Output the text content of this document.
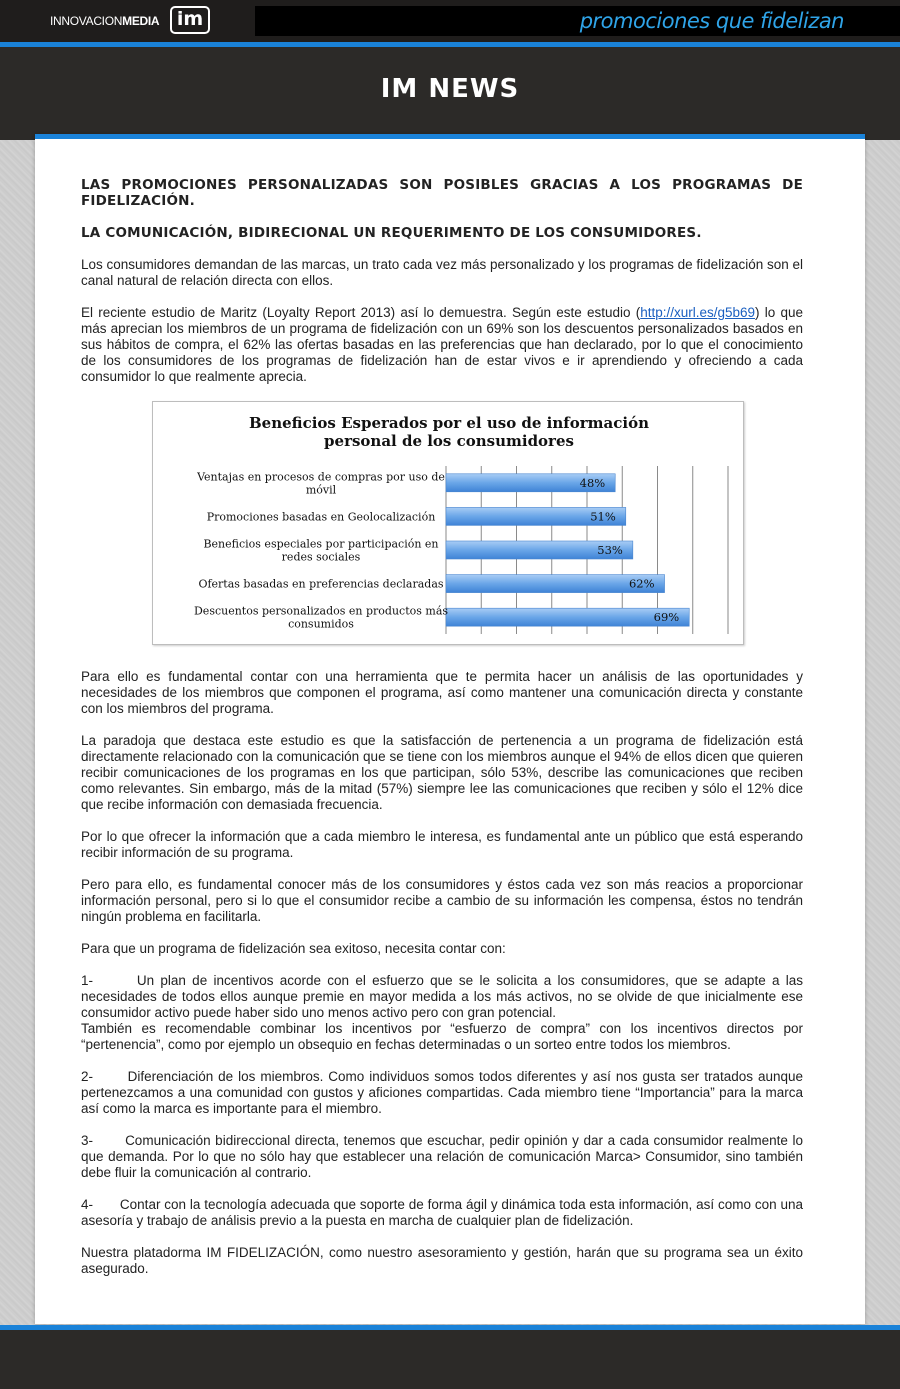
INNOVACIONMEDIA im	promociones que fidelizan
IM NEWS

LAS PROMOCIONES PERSONALIZADAS SON POSIBLES GRACIAS A LOS PROGRAMAS DE FIDELIZACIÓN.

LA COMUNICACIÓN, BIDIRECIONAL UN REQUERIMENTO DE LOS CONSUMIDORES.

Los consumidores demandan de las marcas, un trato cada vez más personalizado y los programas de fidelización son el canal natural de relación directa con ellos.

El reciente estudio de Maritz (Loyalty Report 2013) así lo demuestra. Según este estudio (http://xurl.es/g5b69) lo que más aprecian los miembros de un programa de fidelización con un 69% son los descuentos personalizados basados en sus hábitos de compra, el 62% las ofertas basadas en las preferencias que han declarado, por lo que el conocimiento de los consumidores de los programas de fidelización han de estar vivos e ir aprendiendo y ofreciendo a cada consumidor lo que realmente aprecia.

Beneficios Esperados por el uso de información
personal de los consumidores
48%
Ventajas en procesos de compras por uso de
móvil
51%
Promociones basadas en Geolocalización
53%
Beneficios especiales por participación en
redes sociales
62%
Ofertas basadas en preferencias declaradas
69%
Descuentos personalizados en productos más
consumidos

Para ello es fundamental contar con una herramienta que te permita hacer un análisis de las oportunidades y necesidades de los miembros que componen el programa, así como mantener una comunicación directa y constante con los miembros del programa.

La paradoja que destaca este estudio es que la satisfacción de pertenencia a un programa de fidelización está directamente relacionado con la comunicación que se tiene con los miembros aunque el 94% de ellos dicen que quieren recibir comunicaciones de los programas en los que participan, sólo 53%, describe las comunicaciones que reciben como relevantes. Sin embargo, más de la mitad (57%) siempre lee las comunicaciones que reciben y sólo el 12% dice que recibe información con demasiada frecuencia.

Por lo que ofrecer la información que a cada miembro le interesa, es fundamental ante un público que está esperando recibir información de su programa.

Pero para ello, es fundamental conocer más de los consumidores y éstos cada vez son más reacios a proporcionar información personal, pero si lo que el consumidor recibe a cambio de su información les compensa, éstos no tendrán ningún problema en facilitarla.

Para que un programa de fidelización sea exitoso, necesita contar con:

1-	Un plan de incentivos acorde con el esfuerzo que se le solicita a los consumidores, que se adapte a las necesidades de todos ellos aunque premie en mayor medida a los más activos, no se olvide de que inicialmente ese consumidor activo puede haber sido uno menos activo pero con gran potencial.
También es recomendable combinar los incentivos por “esfuerzo de compra” con los incentivos directos por “pertenencia”, como por ejemplo un obsequio en fechas determinadas o un sorteo entre todos los miembros.

2-	Diferenciación de los miembros. Como individuos somos todos diferentes y así nos gusta ser tratados aunque pertenezcamos a una comunidad con gustos y aficiones compartidas. Cada miembro tiene “Importancia” para la marca así como la marca es importante para el miembro.

3- Comunicación bidireccional directa, tenemos que escuchar, pedir opinión y dar a cada consumidor realmente lo que demanda. Por lo que no sólo hay que establecer una relación de comunicación Marca> Consumidor, sino también debe fluir la comunicación al contrario.

4- Contar con la tecnología adecuada que soporte de forma ágil y dinámica toda esta información, así como con una asesoría y trabajo de análisis previo a la puesta en marcha de cualquier plan de fidelización.

Nuestra platadorma IM FIDELIZACIÓN, como nuestro asesoramiento y gestión, harán que su programa sea un éxito asegurado.
